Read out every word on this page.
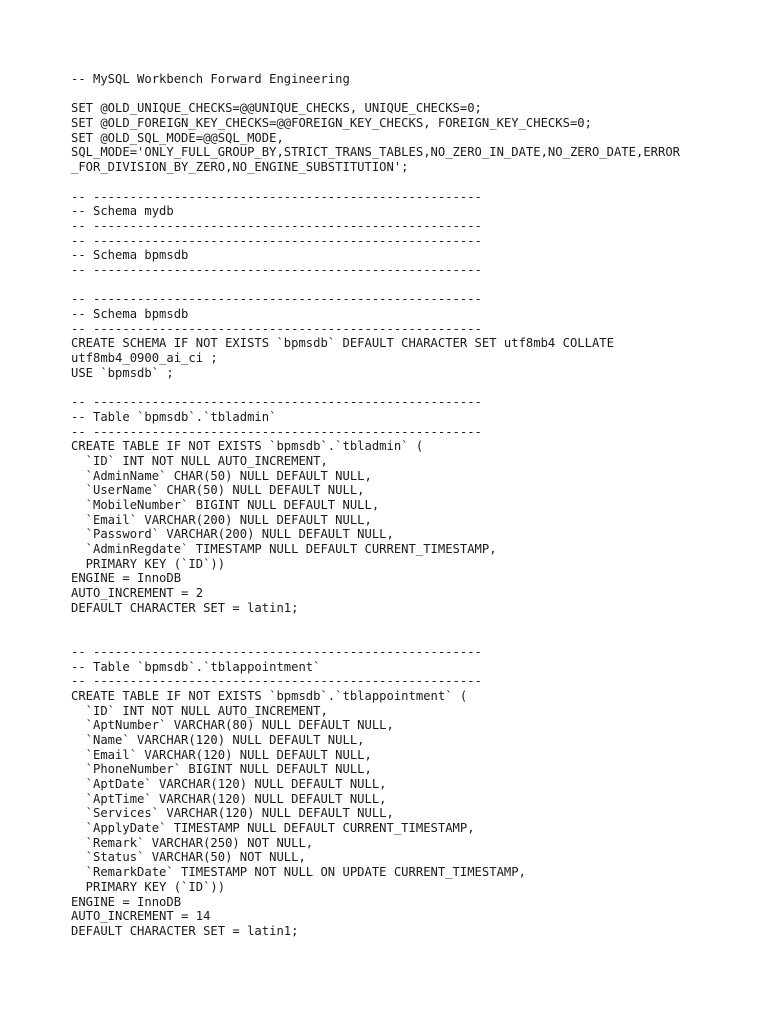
-- MySQL Workbench Forward Engineering
SET @OLD_UNIQUE_CHECKS=@@UNIQUE_CHECKS, UNIQUE_CHECKS=0;
SET @OLD_FOREIGN_KEY_CHECKS=@@FOREIGN_KEY_CHECKS, FOREIGN_KEY_CHECKS=0;
SET @OLD_SQL_MODE=@@SQL_MODE,
SQL_MODE='ONLY_FULL_GROUP_BY,STRICT_TRANS_TABLES,NO_ZERO_IN_DATE,NO_ZERO_DATE,ERROR
_FOR_DIVISION_BY_ZERO,NO_ENGINE_SUBSTITUTION';
-- -----------------------------------------------------
-- Schema mydb
-- -----------------------------------------------------
-- -----------------------------------------------------
-- Schema bpmsdb
-- -----------------------------------------------------
-- -----------------------------------------------------
-- Schema bpmsdb
-- -----------------------------------------------------
CREATE SCHEMA IF NOT EXISTS `bpmsdb` DEFAULT CHARACTER SET utf8mb4 COLLATE
utf8mb4_0900_ai_ci ;
USE `bpmsdb` ;
-- -----------------------------------------------------
-- Table `bpmsdb`.`tbladmin`
-- -----------------------------------------------------
CREATE TABLE IF NOT EXISTS `bpmsdb`.`tbladmin` (
`ID` INT NOT NULL AUTO_INCREMENT,
`AdminName` CHAR(50) NULL DEFAULT NULL,
`UserName` CHAR(50) NULL DEFAULT NULL,
`MobileNumber` BIGINT NULL DEFAULT NULL,
`Email` VARCHAR(200) NULL DEFAULT NULL,
`Password` VARCHAR(200) NULL DEFAULT NULL,
`AdminRegdate` TIMESTAMP NULL DEFAULT CURRENT_TIMESTAMP,
PRIMARY KEY (`ID`))
ENGINE = InnoDB
AUTO_INCREMENT = 2
DEFAULT CHARACTER SET = latin1;
-- -----------------------------------------------------
-- Table `bpmsdb`.`tblappointment`
-- -----------------------------------------------------
CREATE TABLE IF NOT EXISTS `bpmsdb`.`tblappointment` (
`ID` INT NOT NULL AUTO_INCREMENT,
`AptNumber` VARCHAR(80) NULL DEFAULT NULL,
`Name` VARCHAR(120) NULL DEFAULT NULL,
`Email` VARCHAR(120) NULL DEFAULT NULL,
`PhoneNumber` BIGINT NULL DEFAULT NULL,
`AptDate` VARCHAR(120) NULL DEFAULT NULL,
`AptTime` VARCHAR(120) NULL DEFAULT NULL,
`Services` VARCHAR(120) NULL DEFAULT NULL,
`ApplyDate` TIMESTAMP NULL DEFAULT CURRENT_TIMESTAMP,
`Remark` VARCHAR(250) NOT NULL,
`Status` VARCHAR(50) NOT NULL,
`RemarkDate` TIMESTAMP NOT NULL ON UPDATE CURRENT_TIMESTAMP,
PRIMARY KEY (`ID`))
ENGINE = InnoDB
AUTO_INCREMENT = 14
DEFAULT CHARACTER SET = latin1;
